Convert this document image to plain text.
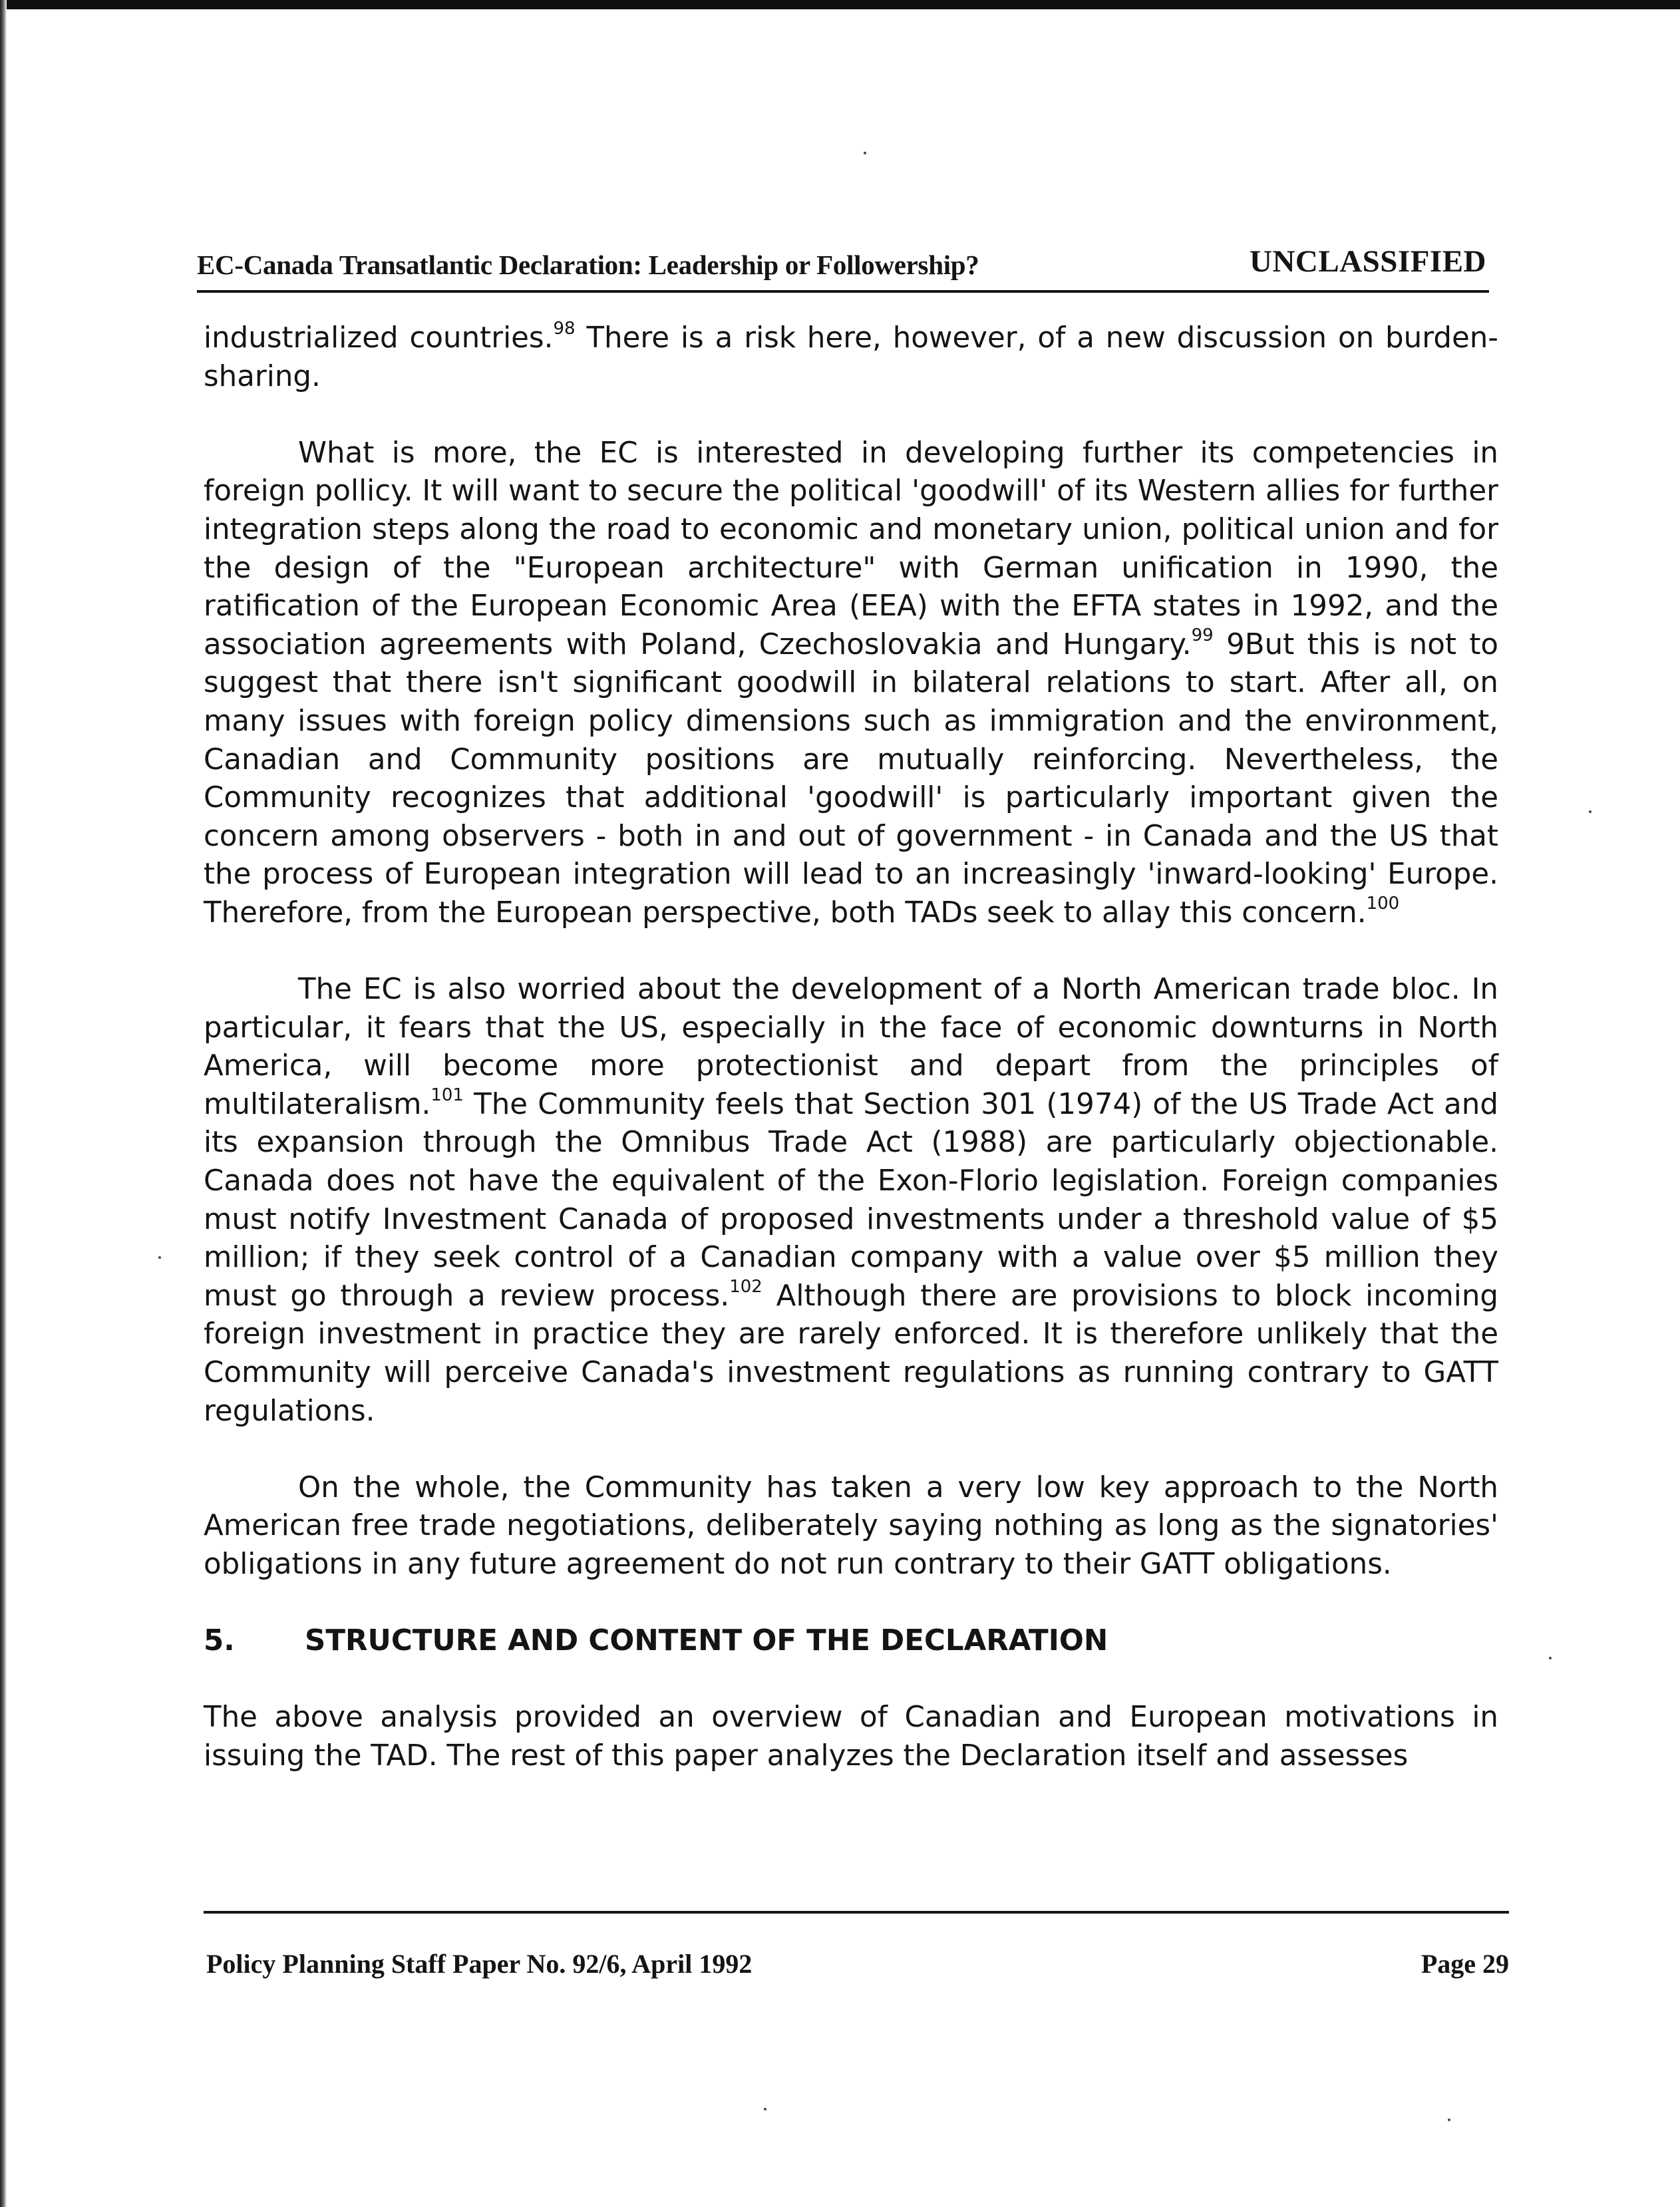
EC-Canada Transatlantic Declaration: Leadership or Followership?	UNCLASSIFIED

industrialized countries.$^{98}$ There is a risk here, however, of a new discussion on burden-sharing.

What is more, the EC is interested in developing further its competencies in foreign pollicy. It will want to secure the political 'goodwill' of its Western allies for further integration steps along the road to economic and monetary union, political union and for the design of the "European architecture" with German unification in 1990, the ratification of the European Economic Area (EEA) with the EFTA states in 1992, and the association agreements with Poland, Czechoslovakia and Hungary.$^{99}$ 9But this is not to suggest that there isn't significant goodwill in bilateral relations to start. After all, on many issues with foreign policy dimensions such as immigration and the environment, Canadian and Community positions are mutually reinforcing. Nevertheless, the Community recognizes that additional 'goodwill' is particularly important given the concern among observers - both in and out of government - in Canada and the US that the process of European integration will lead to an increasingly 'inward-looking' Europe. Therefore, from the European perspective, both TADs seek to allay this concern.$^{100}$

The EC is also worried about the development of a North American trade bloc. In particular, it fears that the US, especially in the face of economic downturns in North America, will become more protectionist and depart from the principles of multilateralism.$^{101}$ The Community feels that Section 301 (1974) of the US Trade Act and its expansion through the Omnibus Trade Act (1988) are particularly objectionable. Canada does not have the equivalent of the Exon-Florio legislation. Foreign companies must notify Investment Canada of proposed investments under a threshold value of $5 million; if they seek control of a Canadian company with a value over $5 million they must go through a review process.$^{102}$ Although there are provisions to block incoming foreign investment in practice they are rarely enforced. It is therefore unlikely that the Community will perceive Canada's investment regulations as running contrary to GATT regulations.

On the whole, the Community has taken a very low key approach to the North American free trade negotiations, deliberately saying nothing as long as the signatories' obligations in any future agreement do not run contrary to their GATT obligations.

5. STRUCTURE AND CONTENT OF THE DECLARATION

The above analysis provided an overview of Canadian and European motivations in issuing the TAD. The rest of this paper analyzes the Declaration itself and assesses

Policy Planning Staff Paper No. 92/6, April 1992	Page 29
